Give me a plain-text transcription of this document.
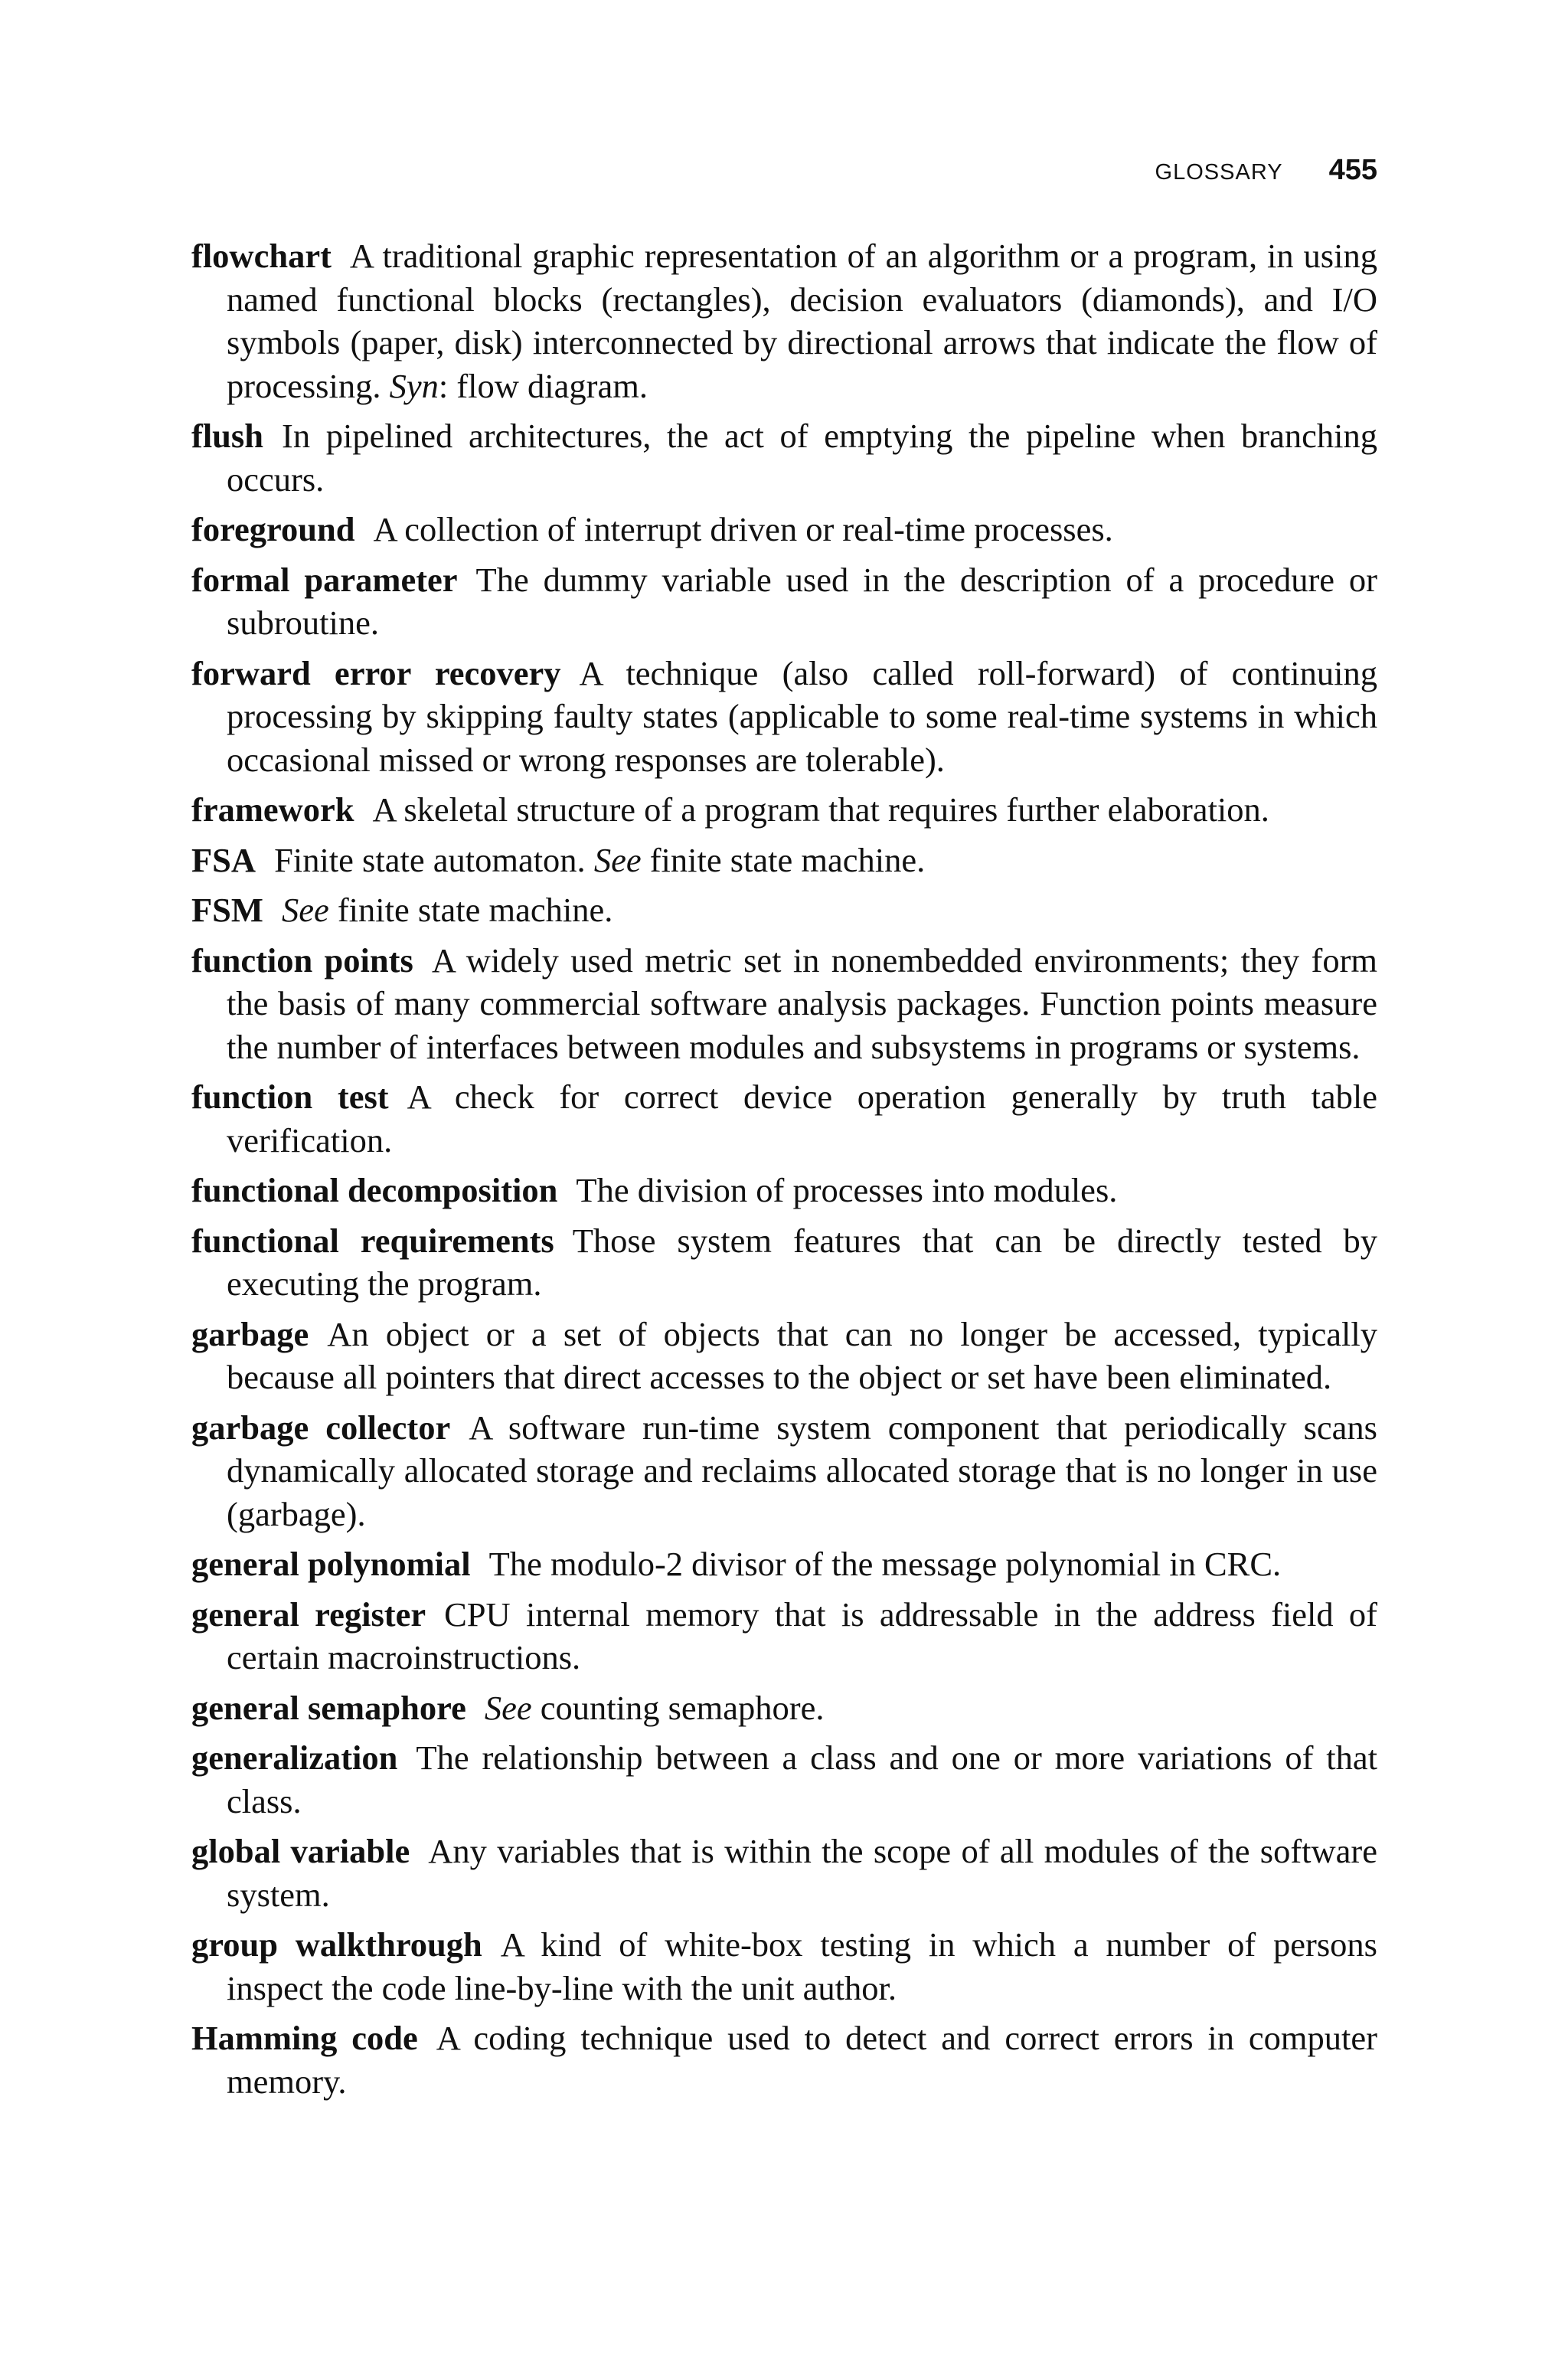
GLOSSARY 455
flowchart A traditional graphic representation of an algorithm or a program, in using named functional blocks (rectangles), decision evaluators (diamonds), and I/O symbols (paper, disk) interconnected by directional arrows that indicate the flow of processing. Syn: flow diagram.
flush In pipelined architectures, the act of emptying the pipeline when branching occurs.
foreground A collection of interrupt driven or real-time processes.
formal parameter The dummy variable used in the description of a procedure or subroutine.
forward error recovery A technique (also called roll-forward) of continuing processing by skipping faulty states (applicable to some real-time systems in which occasional missed or wrong responses are tolerable).
framework A skeletal structure of a program that requires further elaboration.
FSA Finite state automaton. See finite state machine.
FSM See finite state machine.
function points A widely used metric set in nonembedded environments; they form the basis of many commercial software analysis packages. Function points measure the number of interfaces between modules and subsystems in programs or systems.
function test A check for correct device operation generally by truth table verification.
functional decomposition The division of processes into modules.
functional requirements Those system features that can be directly tested by executing the program.
garbage An object or a set of objects that can no longer be accessed, typically because all pointers that direct accesses to the object or set have been eliminated.
garbage collector A software run-time system component that periodically scans dynamically allocated storage and reclaims allocated storage that is no longer in use (garbage).
general polynomial The modulo-2 divisor of the message polynomial in CRC.
general register CPU internal memory that is addressable in the address field of certain macroinstructions.
general semaphore See counting semaphore.
generalization The relationship between a class and one or more variations of that class.
global variable Any variables that is within the scope of all modules of the software system.
group walkthrough A kind of white-box testing in which a number of persons inspect the code line-by-line with the unit author.
Hamming code A coding technique used to detect and correct errors in computer memory.
